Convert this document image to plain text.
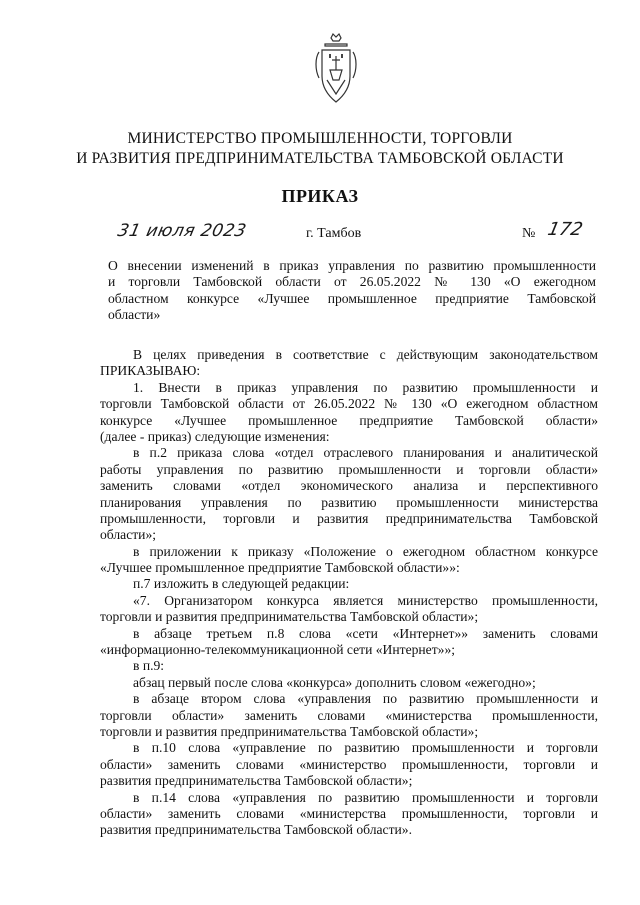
МИНИСТЕРСТВО ПРОМЫШЛЕННОСТИ, ТОРГОВЛИ
И РАЗВИТИЯ ПРЕДПРИНИМАТЕЛЬСТВА ТАМБОВСКОЙ ОБЛАСТИ
ПРИКАЗ
31 июля 2023	г. Тамбов	№ 172
О внесении изменений в приказ управления по развитию промышленности
и торговли Тамбовской области от 26.05.2022 № 130 «О ежегодном
областном конкурсе «Лучшее промышленное предприятие Тамбовской
области»
В целях приведения в соответствие с действующим законодательством
ПРИКАЗЫВАЮ:
1. Внести в приказ управления по развитию промышленности и
торговли Тамбовской области от 26.05.2022 № 130 «О ежегодном областном
конкурсе «Лучшее промышленное предприятие Тамбовской области»
(далее - приказ) следующие изменения:
в п.2 приказа слова «отдел отраслевого планирования и аналитической
работы управления по развитию промышленности и торговли области»
заменить словами «отдел экономического анализа и перспективного
планирования управления по развитию промышленности министерства
промышленности, торговли и развития предпринимательства Тамбовской
области»;
в приложении к приказу «Положение о ежегодном областном конкурсе
«Лучшее промышленное предприятие Тамбовской области»»:
п.7 изложить в следующей редакции:
«7. Организатором конкурса является министерство промышленности,
торговли и развития предпринимательства Тамбовской области»;
в абзаце третьем п.8 слова «сети «Интернет»» заменить словами
«информационно-телекоммуникационной сети «Интернет»»;
в п.9:
абзац первый после слова «конкурса» дополнить словом «ежегодно»;
в абзаце втором слова «управления по развитию промышленности и
торговли области» заменить словами «министерства промышленности,
торговли и развития предпринимательства Тамбовской области»;
в п.10 слова «управление по развитию промышленности и торговли
области» заменить словами «министерство промышленности, торговли и
развития предпринимательства Тамбовской области»;
в п.14 слова «управления по развитию промышленности и торговли
области» заменить словами «министерства промышленности, торговли и
развития предпринимательства Тамбовской области».
